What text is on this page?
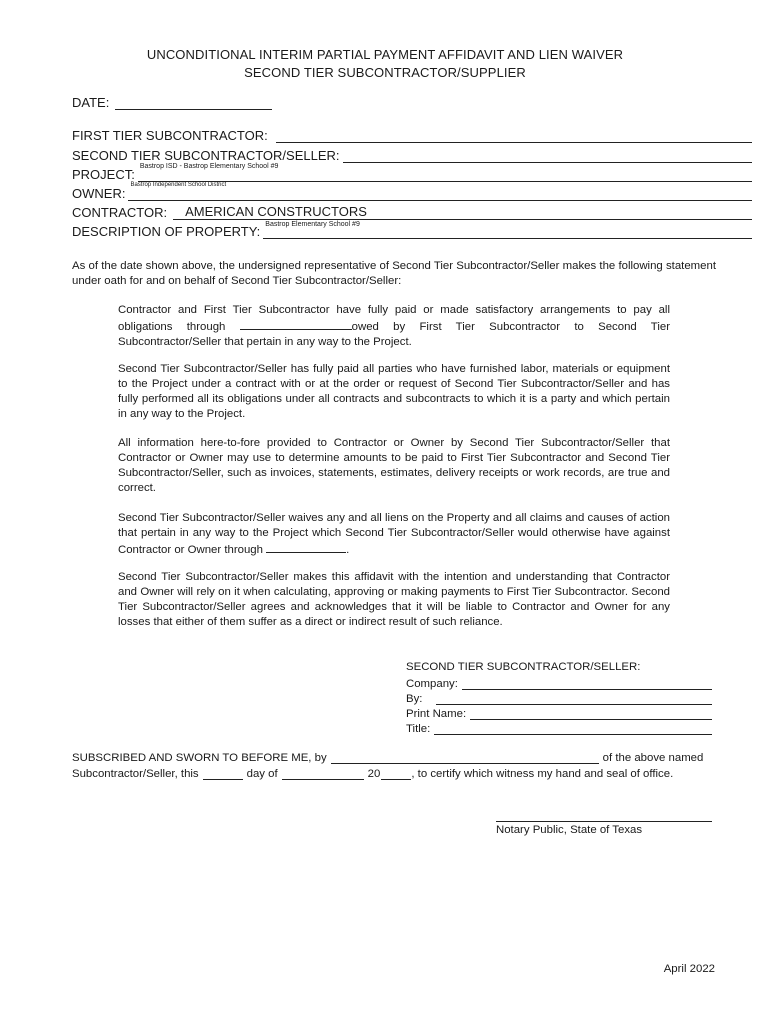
UNCONDITIONAL INTERIM PARTIAL PAYMENT AFFIDAVIT AND LIEN WAIVER
SECOND TIER SUBCONTRACTOR/SUPPLIER
DATE:
FIRST TIER SUBCONTRACTOR:
SECOND TIER SUBCONTRACTOR/SELLER:
PROJECT:
Bastrop ISD - Bastrop Elementary School #9
OWNER:
Bastrop Independent School District
CONTRACTOR: AMERICAN CONSTRUCTORS
DESCRIPTION OF PROPERTY: Bastrop Elementary School #9
As of the date shown above, the undersigned representative of Second Tier Subcontractor/Seller makes the following statement under oath for and on behalf of Second Tier Subcontractor/Seller:
Contractor and First Tier Subcontractor have fully paid or made satisfactory arrangements to pay all obligations through	owed by First Tier Subcontractor to Second Tier Subcontractor/Seller that pertain in any way to the Project.
Second Tier Subcontractor/Seller has fully paid all parties who have furnished labor, materials or equipment to the Project under a contract with or at the order or request of Second Tier Subcontractor/Seller and has fully performed all its obligations under all contracts and subcontracts to which it is a party and which pertain in any way to the Project.
All information here-to-fore provided to Contractor or Owner by Second Tier Subcontractor/Seller that Contractor or Owner may use to determine amounts to be paid to First Tier Subcontractor and Second Tier Subcontractor/Seller, such as invoices, statements, estimates, delivery receipts or work records, are true and correct.
Second Tier Subcontractor/Seller waives any and all liens on the Property and all claims and causes of action that pertain in any way to the Project which Second Tier Subcontractor/Seller would otherwise have against Contractor or Owner through	.
Second Tier Subcontractor/Seller makes this affidavit with the intention and understanding that Contractor and Owner will rely on it when calculating, approving or making payments to First Tier Subcontractor. Second Tier Subcontractor/Seller agrees and acknowledges that it will be liable to Contractor and Owner for any losses that either of them suffer as a direct or indirect result of such reliance.
SECOND TIER SUBCONTRACTOR/SELLER:
Company:
By:
Print Name:
Title:
SUBSCRIBED AND SWORN TO BEFORE ME, by	of the above named
Subcontractor/Seller, this	day of	20	, to certify which witness my hand and seal of office.
Notary Public, State of Texas
April 2022
